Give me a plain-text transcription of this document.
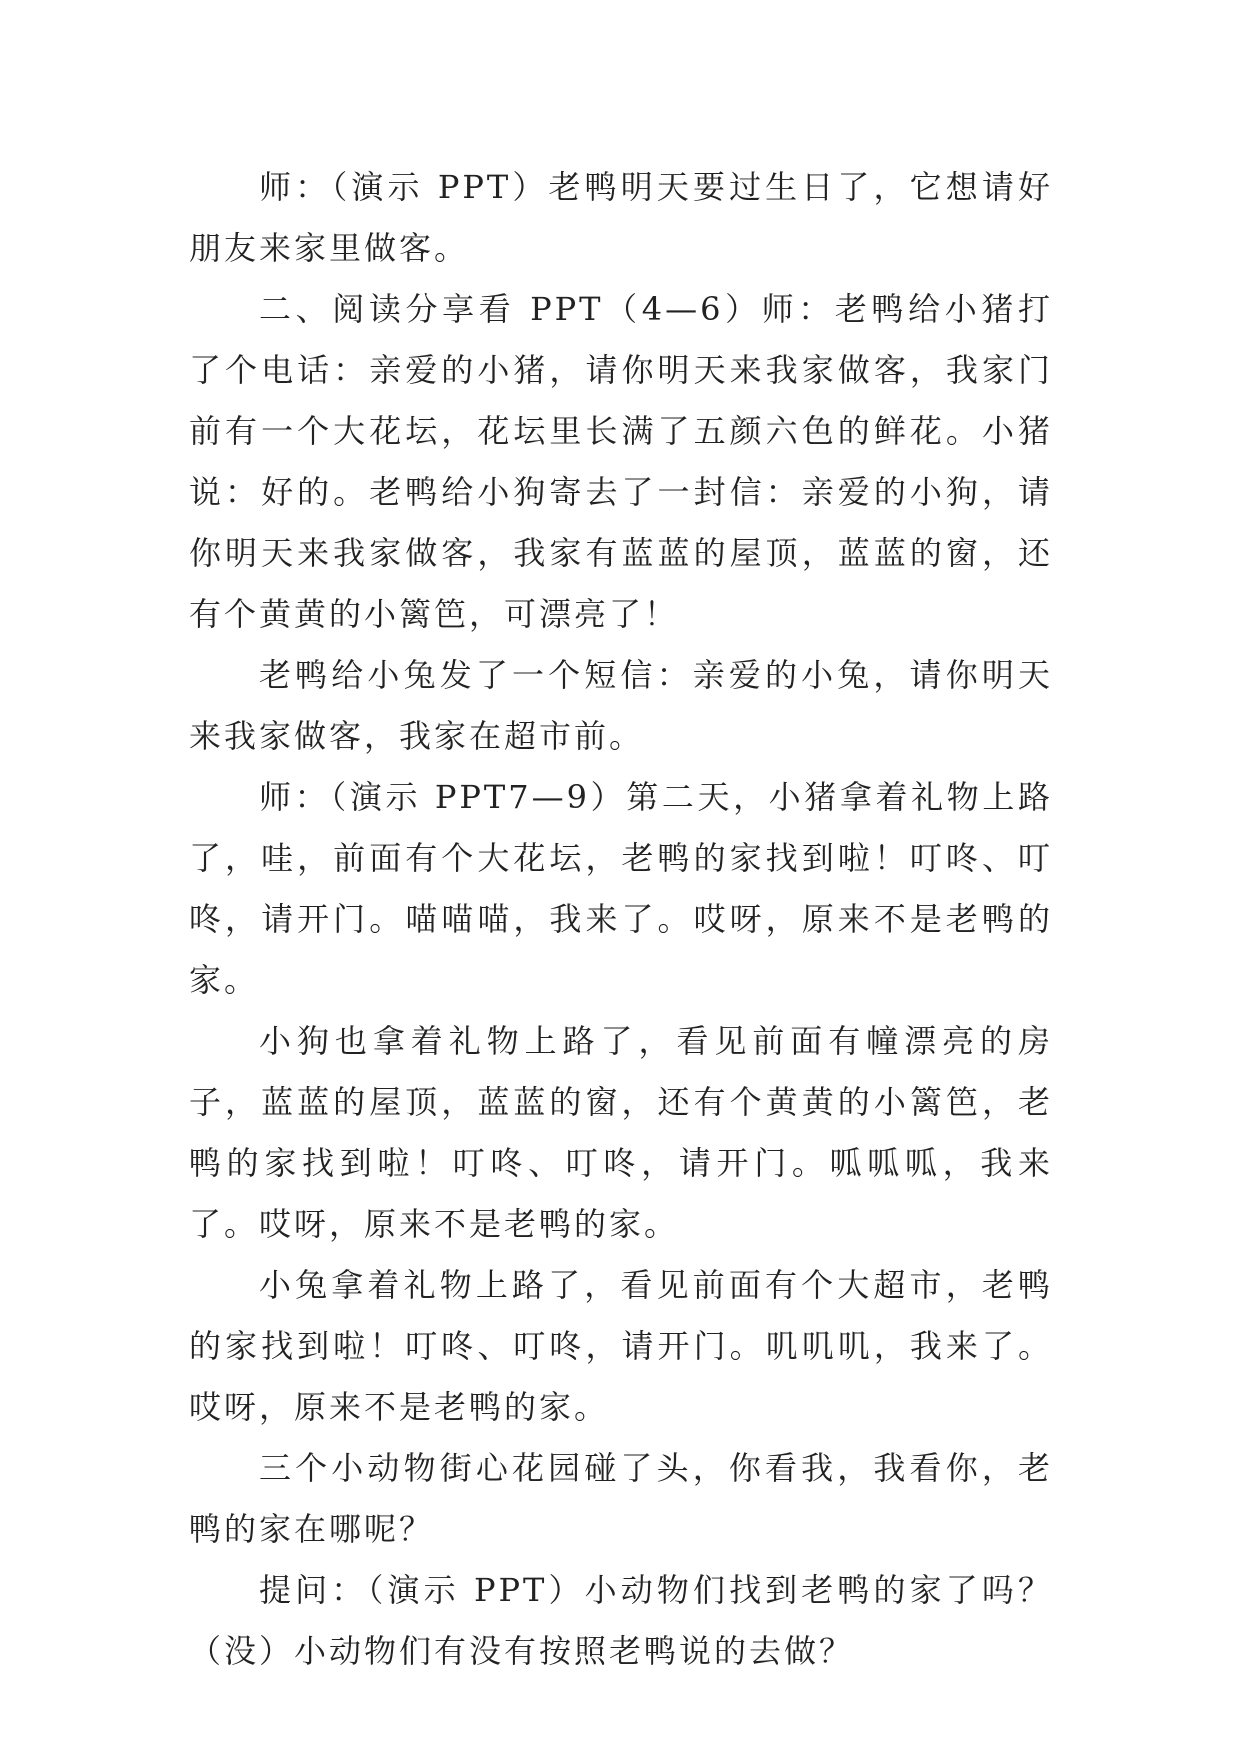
师：（演示 PPT）老鸭明天要过生日了，它想请好朋友来家里做客。

二、阅读分享看 PPT（4—6）师：老鸭给小猪打了个电话：亲爱的小猪，请你明天来我家做客，我家门前有一个大花坛，花坛里长满了五颜六色的鲜花。小猪说：好的。老鸭给小狗寄去了一封信：亲爱的小狗，请你明天来我家做客，我家有蓝蓝的屋顶，蓝蓝的窗，还有个黄黄的小篱笆，可漂亮了！

老鸭给小兔发了一个短信：亲爱的小兔，请你明天来我家做客，我家在超市前。

师：（演示 PPT7—9）第二天，小猪拿着礼物上路了，哇，前面有个大花坛，老鸭的家找到啦！叮咚、叮咚，请开门。喵喵喵，我来了。哎呀，原来不是老鸭的家。

小狗也拿着礼物上路了，看见前面有幢漂亮的房子，蓝蓝的屋顶，蓝蓝的窗，还有个黄黄的小篱笆，老鸭的家找到啦！叮咚、叮咚，请开门。呱呱呱，我来了。哎呀，原来不是老鸭的家。

小兔拿着礼物上路了，看见前面有个大超市，老鸭的家找到啦！叮咚、叮咚，请开门。叽叽叽，我来了。哎呀，原来不是老鸭的家。

三个小动物街心花园碰了头，你看我，我看你，老鸭的家在哪呢？

提问：（演示 PPT）小动物们找到老鸭的家了吗？（没）小动物们有没有按照老鸭说的去做？
